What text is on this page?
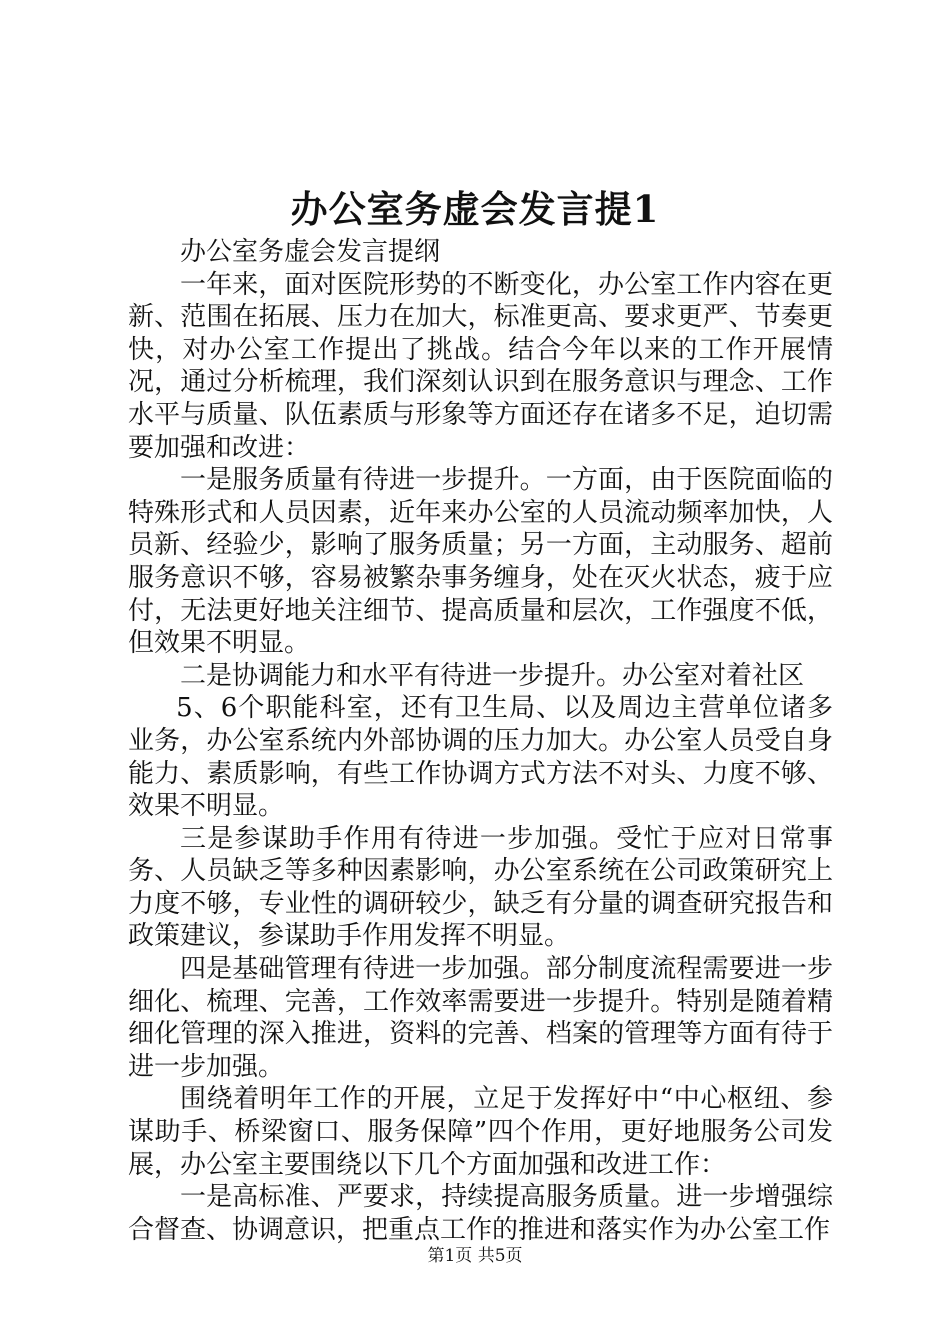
办公室务虚会发言提1

办公室务虚会发言提纲

一年来，面对医院形势的不断变化，办公室工作内容在更新、范围在拓展、压力在加大，标准更高、要求更严、节奏更快，对办公室工作提出了挑战。结合今年以来的工作开展情况，通过分析梳理，我们深刻认识到在服务意识与理念、工作水平与质量、队伍素质与形象等方面还存在诸多不足，迫切需要加强和改进：

一是服务质量有待进一步提升。一方面，由于医院面临的特殊形式和人员因素，近年来办公室的人员流动频率加快，人员新、经验少，影响了服务质量；另一方面，主动服务、超前服务意识不够，容易被繁杂事务缠身，处在灭火状态，疲于应付，无法更好地关注细节、提高质量和层次，工作强度不低，但效果不明显。

二是协调能力和水平有待进一步提升。办公室对着社区

5、6个职能科室，还有卫生局、以及周边主营单位诸多业务，办公室系统内外部协调的压力加大。办公室人员受自身能力、素质影响，有些工作协调方式方法不对头、力度不够、效果不明显。

三是参谋助手作用有待进一步加强。受忙于应对日常事务、人员缺乏等多种因素影响，办公室系统在公司政策研究上力度不够，专业性的调研较少，缺乏有分量的调查研究报告和政策建议，参谋助手作用发挥不明显。

四是基础管理有待进一步加强。部分制度流程需要进一步细化、梳理、完善，工作效率需要进一步提升。特别是随着精细化管理的深入推进，资料的完善、档案的管理等方面有待于进一步加强。

围绕着明年工作的开展，立足于发挥好中“中心枢纽、参谋助手、桥梁窗口、服务保障”四个作用，更好地服务公司发展，办公室主要围绕以下几个方面加强和改进工作：

一是高标准、严要求，持续提高服务质量。进一步增强综合督查、协调意识，把重点工作的推进和落实作为办公室工作

第1页 共5页
